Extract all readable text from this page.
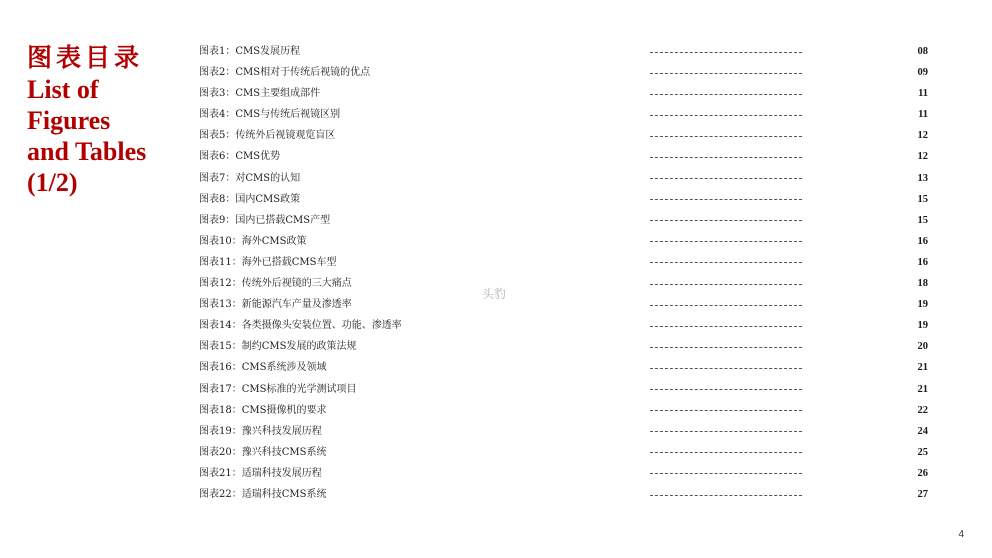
图表目录
List of
Figures
and Tables
(1/2)
图表1：CMS发展历程	08
图表2：CMS相对于传统后视镜的优点	09
图表3：CMS主要组成部件	11
图表4：CMS与传统后视镜区别	11
图表5：传统外后视镜观览盲区	12
图表6：CMS优势	12
图表7：对CMS的认知	13
图表8：国内CMS政策	15
图表9：国内已搭载CMS产型	15
图表10：海外CMS政策	16
图表11：海外已搭载CMS车型	16
图表12：传统外后视镜的三大痛点	18
图表13：新能源汽车产量及渗透率	19
图表14：各类摄像头安装位置、功能、渗透率	19
图表15：制约CMS发展的政策法规	20
图表16：CMS系统涉及领域	21
图表17：CMS标准的光学测试项目	21
图表18：CMS摄像机的要求	22
图表19：豫兴科技发展历程	24
图表20：豫兴科技CMS系统	25
图表21：适瑞科技发展历程	26
图表22：适瑞科技CMS系统	27
头豹
4
